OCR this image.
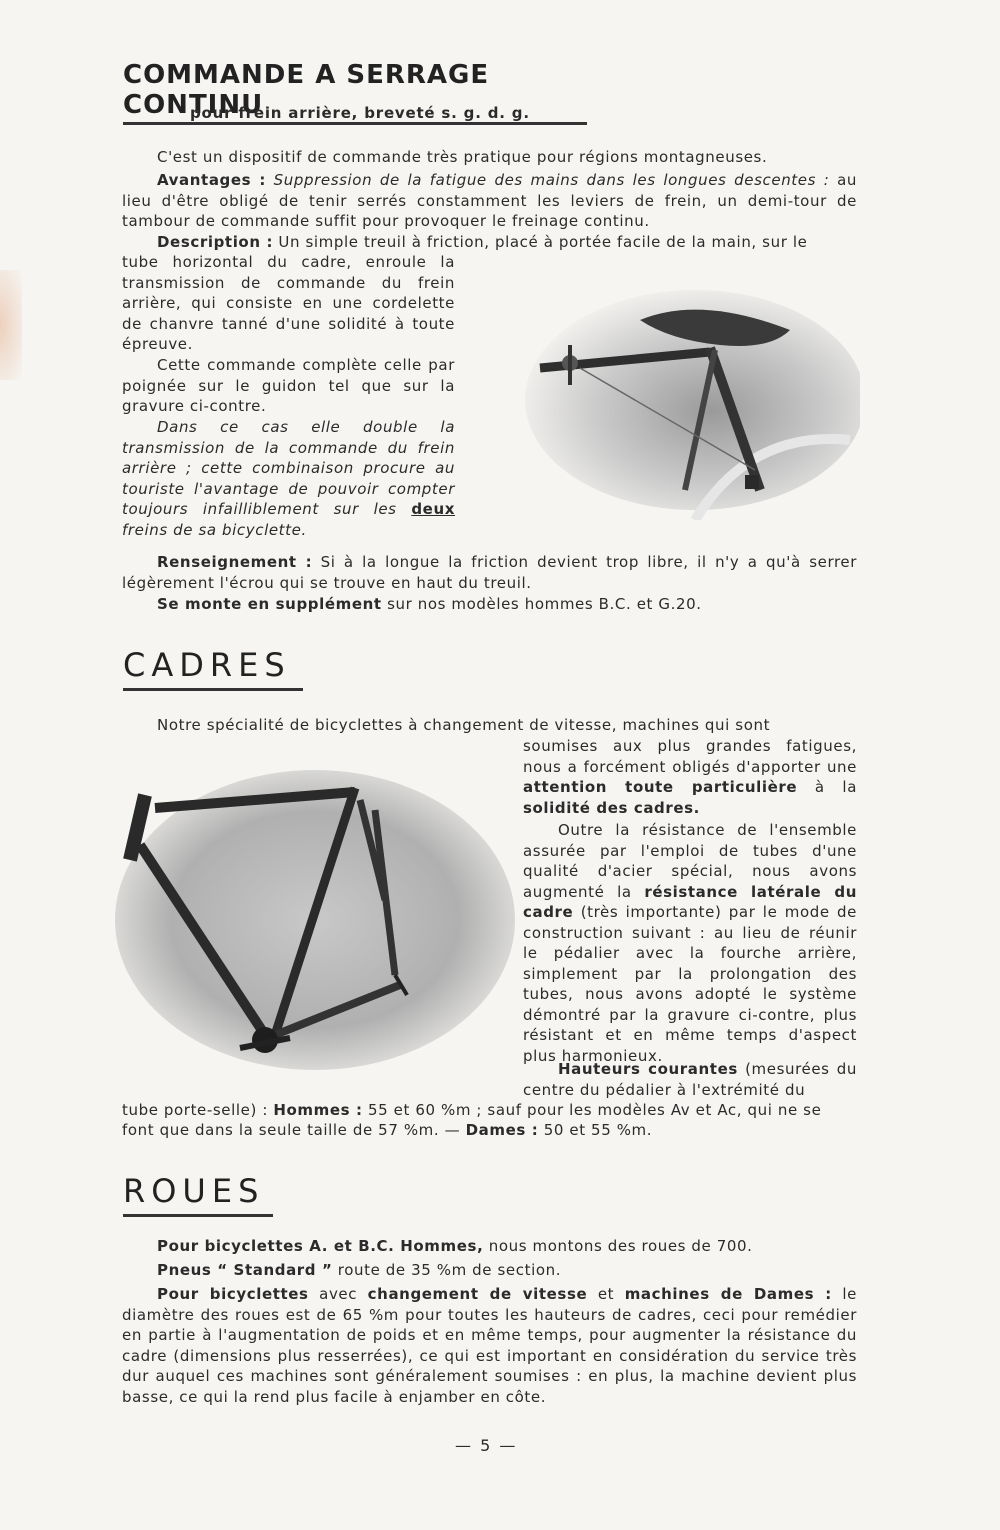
COMMANDE A SERRAGE CONTINU
pour frein arrière, breveté s. g. d. g.

C'est un dispositif de commande très pratique pour régions montagneuses.

Avantages : Suppression de la fatigue des mains dans les longues descentes : au lieu d'être obligé de tenir serrés constamment les leviers de frein, un demi-tour de tambour de commande suffit pour provoquer le freinage continu.

Description : Un simple treuil à friction, placé à portée facile de la main, sur le

tube horizontal du cadre, enroule la transmission de commande du frein arrière, qui consiste en une cordelette de chanvre tanné d'une solidité à toute épreuve.

Cette commande complète celle par poignée sur le guidon tel que sur la gravure ci-contre.

Dans ce cas elle double la transmission de la commande du frein arrière ; cette combinaison procure au touriste l'avantage de pouvoir compter toujours infailliblement sur les deux freins de sa bicyclette.

Renseignement : Si à la longue la friction devient trop libre, il n'y a qu'à serrer légèrement l'écrou qui se trouve en haut du treuil.

Se monte en supplément sur nos modèles hommes B.C. et G.20.

CADRES

Notre spécialité de bicyclettes à changement de vitesse, machines qui sont

soumises aux plus grandes fatigues, nous a forcément obligés d'apporter une attention toute particulière à la solidité des cadres.

Outre la résistance de l'ensemble assurée par l'emploi de tubes d'une qualité d'acier spécial, nous avons augmenté la résistance latérale du cadre (très importante) par le mode de construction suivant : au lieu de réunir le pédalier avec la fourche arrière, simplement par la prolongation des tubes, nous avons adopté le système démontré par la gravure ci-contre, plus résistant et en même temps d'aspect plus harmonieux.

Hauteurs courantes (mesurées du centre du pédalier à l'extrémité du

tube porte-selle) : Hommes : 55 et 60 %m ; sauf pour les modèles Av et Ac, qui ne se

font que dans la seule taille de 57 %m. — Dames : 50 et 55 %m.

ROUES

Pour bicyclettes A. et B.C. Hommes, nous montons des roues de 700.

Pneus “ Standard ” route de 35 %m de section.

Pour bicyclettes avec changement de vitesse et machines de Dames : le diamètre des roues est de 65 %m pour toutes les hauteurs de cadres, ceci pour remédier en partie à l'augmentation de poids et en même temps, pour augmenter la résistance du cadre (dimensions plus resserrées), ce qui est important en considération du service très dur auquel ces machines sont généralement soumises : en plus, la machine devient plus basse, ce qui la rend plus facile à enjamber en côte.

— 5 —
